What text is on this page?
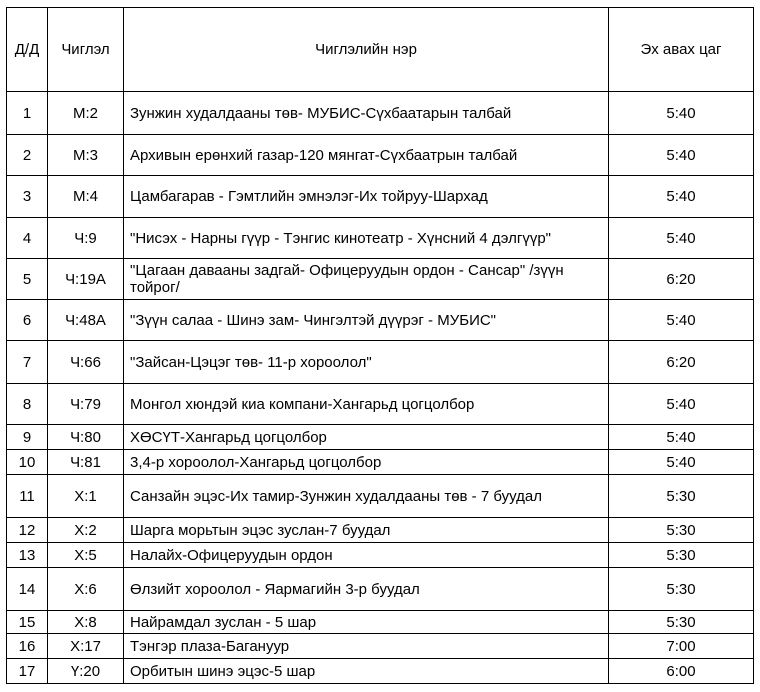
Д/Д	Чиглэл	Чиглэлийн нэр	Эх авах цаг
1	М:2	Зунжин худалдааны төв- МУБИС-Сүхбаатарын талбай	5:40
2	М:3	Архивын ерөнхий газар-120 мянгат-Сүхбаатрын талбай	5:40
3	М:4	Цамбагарав - Гэмтлийн эмнэлэг-Их тойруу-Шархад	5:40
4	Ч:9	"Нисэх - Нарны гүүр - Тэнгис кинотеатр - Хүнсний 4 дэлгүүр"	5:40
5	Ч:19А	"Цагаан давааны задгай- Офицеруудын ордон - Сансар" /зүүн тойрог/	6:20
6	Ч:48А	"Зүүн салаа - Шинэ зам- Чингэлтэй дүүрэг - МУБИС"	5:40
7	Ч:66	"Зайсан-Цэцэг төв- 11-р хороолол"	6:20
8	Ч:79	Монгол хюндэй киа компани-Хангарьд цогцолбор	5:40
9	Ч:80	ХӨСҮТ-Хангарьд цогцолбор	5:40
10	Ч:81	3,4-р хороолол-Хангарьд цогцолбор	5:40
11	Х:1	Санзайн эцэс-Их тамир-Зунжин худалдааны төв - 7 буудал	5:30
12	Х:2	Шарга морьтын эцэс зуслан-7 буудал	5:30
13	Х:5	Налайх-Офицеруудын ордон	5:30
14	Х:6	Өлзийт хороолол - Яармагийн 3-р буудал	5:30
15	Х:8	Найрамдал зуслан - 5 шар	5:30
16	Х:17	Тэнгэр плаза-Багануур	7:00
17	Ү:20	Орбитын шинэ эцэс-5 шар	6:00
